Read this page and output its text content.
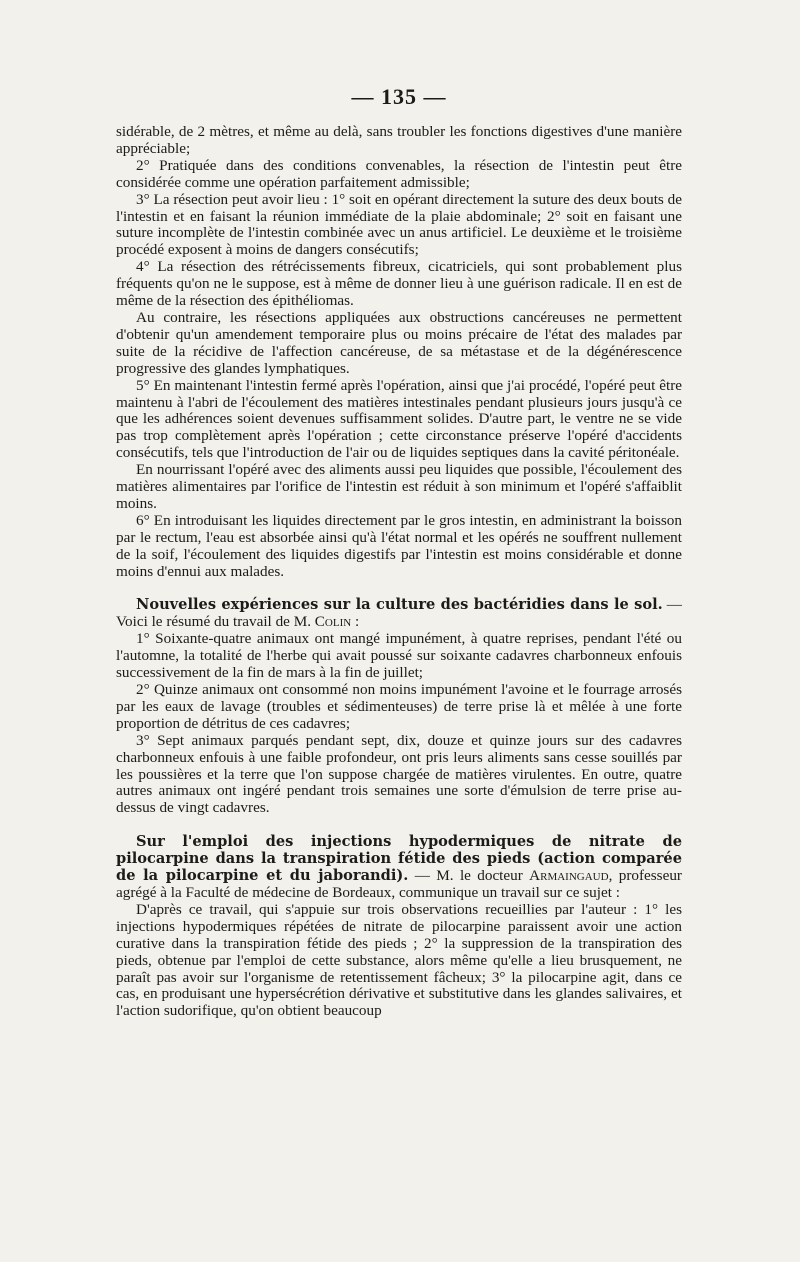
— 135 —

sidérable, de 2 mètres, et même au delà, sans troubler les fonctions digestives d'une manière appréciable;

2° Pratiquée dans des conditions convenables, la résection de l'intestin peut être considérée comme une opération parfaitement admissible;

3° La résection peut avoir lieu : 1° soit en opérant directement la suture des deux bouts de l'intestin et en faisant la réunion immédiate de la plaie abdominale; 2° soit en faisant une suture incomplète de l'intestin combinée avec un anus artificiel. Le deuxième et le troisième procédé exposent à moins de dangers consécutifs;

4° La résection des rétrécissements fibreux, cicatriciels, qui sont probablement plus fréquents qu'on ne le suppose, est à même de donner lieu à une guérison radicale. Il en est de même de la résection des épithéliomas.

Au contraire, les résections appliquées aux obstructions cancéreuses ne permettent d'obtenir qu'un amendement temporaire plus ou moins précaire de l'état des malades par suite de la récidive de l'affection cancéreuse, de sa métastase et de la dégénérescence progressive des glandes lymphatiques.

5° En maintenant l'intestin fermé après l'opération, ainsi que j'ai procédé, l'opéré peut être maintenu à l'abri de l'écoulement des matières intestinales pendant plusieurs jours jusqu'à ce que les adhérences soient devenues suffisamment solides. D'autre part, le ventre ne se vide pas trop complètement après l'opération ; cette circonstance préserve l'opéré d'accidents consécutifs, tels que l'introduction de l'air ou de liquides septiques dans la cavité péritonéale.

En nourrissant l'opéré avec des aliments aussi peu liquides que possible, l'écoulement des matières alimentaires par l'orifice de l'intestin est réduit à son minimum et l'opéré s'affaiblit moins.

6° En introduisant les liquides directement par le gros intestin, en administrant la boisson par le rectum, l'eau est absorbée ainsi qu'à l'état normal et les opérés ne souffrent nullement de la soif, l'écoulement des liquides digestifs par l'intestin est moins considérable et donne moins d'ennui aux malades.

Nouvelles expériences sur la culture des bactéridies dans le sol. — Voici le résumé du travail de M. Colin :

1° Soixante-quatre animaux ont mangé impunément, à quatre reprises, pendant l'été ou l'automne, la totalité de l'herbe qui avait poussé sur soixante cadavres charbonneux enfouis successivement de la fin de mars à la fin de juillet;

2° Quinze animaux ont consommé non moins impunément l'avoine et le fourrage arrosés par les eaux de lavage (troubles et sédimenteuses) de terre prise là et mêlée à une forte proportion de détritus de ces cadavres;

3° Sept animaux parqués pendant sept, dix, douze et quinze jours sur des cadavres charbonneux enfouis à une faible profondeur, ont pris leurs aliments sans cesse souillés par les poussières et la terre que l'on suppose chargée de matières virulentes. En outre, quatre autres animaux ont ingéré pendant trois semaines une sorte d'émulsion de terre prise au-dessus de vingt cadavres.

Sur l'emploi des injections hypodermiques de nitrate de pilocarpine dans la transpiration fétide des pieds (action comparée de la pilocarpine et du jaborandi). — M. le docteur Armaingaud, professeur agrégé à la Faculté de médecine de Bordeaux, communique un travail sur ce sujet :

D'après ce travail, qui s'appuie sur trois observations recueillies par l'auteur : 1° les injections hypodermiques répétées de nitrate de pilocarpine paraissent avoir une action curative dans la transpiration fétide des pieds ; 2° la suppression de la transpiration des pieds, obtenue par l'emploi de cette substance, alors même qu'elle a lieu brusquement, ne paraît pas avoir sur l'organisme de retentissement fâcheux; 3° la pilocarpine agit, dans ce cas, en produisant une hypersécrétion dérivative et substitutive dans les glandes salivaires, et l'action sudorifique, qu'on obtient beaucoup
